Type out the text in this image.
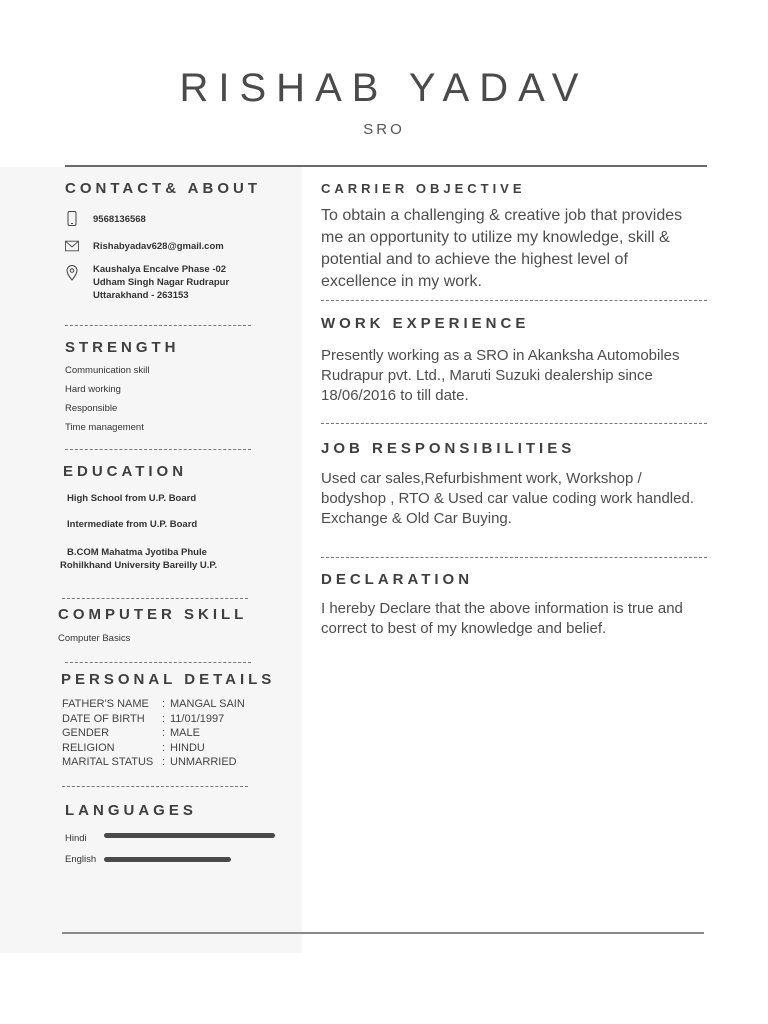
RISHAB YADAV
SRO
CONTACT& ABOUT
9568136568
Rishabyadav628@gmail.com
Kaushalya Encalve Phase -02
Udham Singh Nagar Rudrapur
Uttarakhand - 263153
STRENGTH
Communication skill
Hard working
Responsible
Time management
EDUCATION
High School from U.P. Board
Intermediate from U.P. Board
B.COM Mahatma Jyotiba Phule
Rohilkhand University Bareilly U.P.
COMPUTER SKILL
Computer Basics
PERSONAL DETAILS
FATHER'S NAME : MANGAL SAIN
DATE OF BIRTH : 11/01/1997
GENDER	: MALE
RELIGION	: HINDU
MARITAL STATUS : UNMARRIED
LANGUAGES
Hindi
English
CARRIER OBJECTIVE
To obtain a challenging & creative job that provides me an opportunity to utilize my knowledge, skill & potential and to achieve the highest level of excellence in my work.
WORK EXPERIENCE
Presently working as a SRO in Akanksha Automobiles Rudrapur pvt. Ltd., Maruti Suzuki dealership since 18/06/2016 to till date.
JOB RESPONSIBILITIES
Used car sales,Refurbishment work, Workshop / bodyshop , RTO & Used car value coding work handled. Exchange & Old Car Buying.
DECLARATION
I hereby Declare that the above information is true and correct to best of my knowledge and belief.
